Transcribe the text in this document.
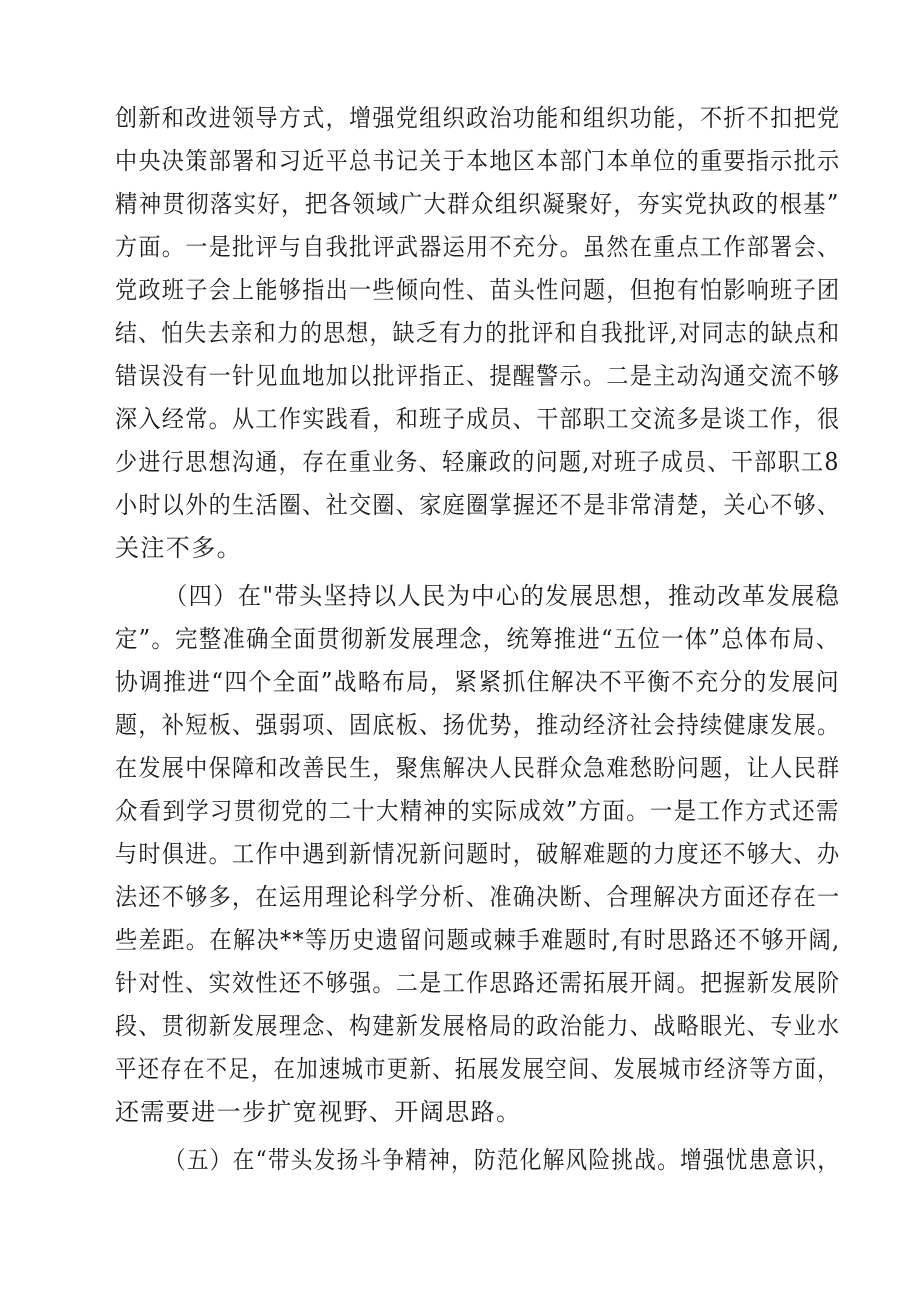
创新和改进领导方式，增强党组织政治功能和组织功能，不折不扣把党
中央决策部署和习近平总书记关于本地区本部门本单位的重要指示批示
精神贯彻落实好，把各领域广大群众组织凝聚好，夯实党执政的根基”
方面。一是批评与自我批评武器运用不充分。虽然在重点工作部署会、
党政班子会上能够指出一些倾向性、苗头性问题，但抱有怕影响班子团
结、怕失去亲和力的思想，缺乏有力的批评和自我批评,对同志的缺点和
错误没有一针见血地加以批评指正、提醒警示。二是主动沟通交流不够
深入经常。从工作实践看，和班子成员、干部职工交流多是谈工作，很
少进行思想沟通，存在重业务、轻廉政的问题,对班子成员、干部职工8
小时以外的生活圈、社交圈、家庭圈掌握还不是非常清楚，关心不够、
关注不多。
（四）在"带头坚持以人民为中心的发展思想，推动改革发展稳
定”。完整准确全面贯彻新发展理念，统筹推进“五位一体”总体布局、
协调推进“四个全面”战略布局，紧紧抓住解决不平衡不充分的发展问
题，补短板、强弱项、固底板、扬优势，推动经济社会持续健康发展。
在发展中保障和改善民生，聚焦解决人民群众急难愁盼问题，让人民群
众看到学习贯彻党的二十大精神的实际成效”方面。一是工作方式还需
与时俱进。工作中遇到新情况新问题时，破解难题的力度还不够大、办
法还不够多，在运用理论科学分析、准确决断、合理解决方面还存在一
些差距。在解决**等历史遗留问题或棘手难题时,有时思路还不够开阔,
针对性、实效性还不够强。二是工作思路还需拓展开阔。把握新发展阶
段、贯彻新发展理念、构建新发展格局的政治能力、战略眼光、专业水
平还存在不足，在加速城市更新、拓展发展空间、发展城市经济等方面，
还需要进一步扩宽视野、开阔思路。
（五）在“带头发扬斗争精神，防范化解风险挑战。增强忧患意识，
